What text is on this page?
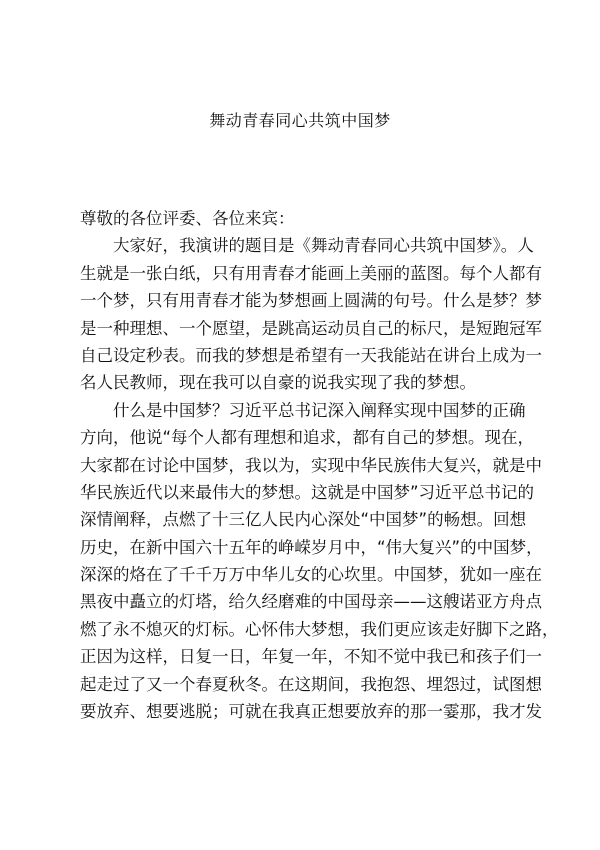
舞动青春同心共筑中国梦
尊敬的各位评委、各位来宾：
大家好，我演讲的题目是《舞动青春同心共筑中国梦》。人
生就是一张白纸，只有用青春才能画上美丽的蓝图。每个人都有
一个梦，只有用青春才能为梦想画上圆满的句号。什么是梦？梦
是一种理想、一个愿望，是跳高运动员自己的标尺，是短跑冠军
自己设定秒表。而我的梦想是希望有一天我能站在讲台上成为一
名人民教师，现在我可以自豪的说我实现了我的梦想。
什么是中国梦？习近平总书记深入阐释实现中国梦的正确
方向，他说“每个人都有理想和追求，都有自己的梦想。现在，
大家都在讨论中国梦，我以为，实现中华民族伟大复兴，就是中
华民族近代以来最伟大的梦想。这就是中国梦”习近平总书记的
深情阐释，点燃了十三亿人民内心深处“中国梦”的畅想。回想
历史，在新中国六十五年的峥嵘岁月中，“伟大复兴”的中国梦，
深深的烙在了千千万万中华儿女的心坎里。中国梦，犹如一座在
黑夜中矗立的灯塔，给久经磨难的中国母亲——这艘诺亚方舟点
燃了永不熄灭的灯标。心怀伟大梦想，我们更应该走好脚下之路，
正因为这样，日复一日，年复一年，不知不觉中我已和孩子们一
起走过了又一个春夏秋冬。在这期间，我抱怨、埋怨过，试图想
要放弃、想要逃脱；可就在我真正想要放弃的那一霎那，我才发
